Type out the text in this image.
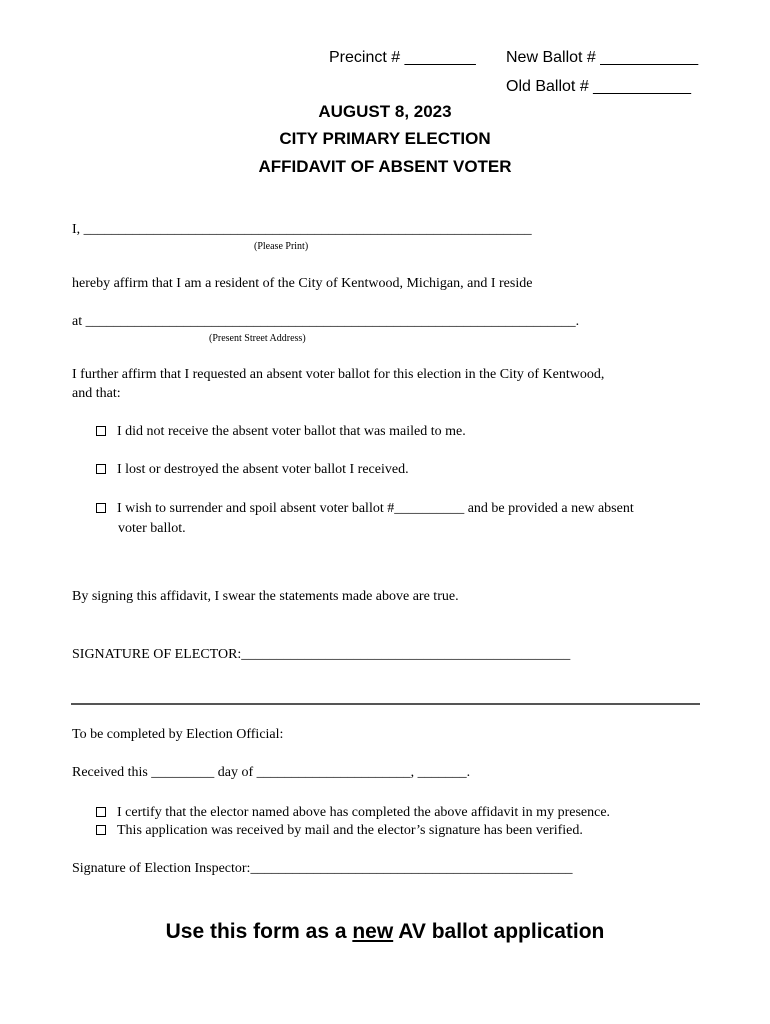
Precinct # ________ New Ballot # ___________
Old Ballot # ___________
AUGUST 8, 2023
CITY PRIMARY ELECTION
AFFIDAVIT OF ABSENT VOTER
I, ________________________________________________________________
(Please Print)
hereby affirm that I am a resident of the City of Kentwood, Michigan, and I reside
at ______________________________________________________________________.
(Present Street Address)
I further affirm that I requested an absent voter ballot for this election in the City of Kentwood,
and that:
I did not receive the absent voter ballot that was mailed to me.
I lost or destroyed the absent voter ballot I received.
I wish to surrender and spoil absent voter ballot #__________ and be provided a new absent
voter ballot.
By signing this affidavit, I swear the statements made above are true.
SIGNATURE OF ELECTOR:_______________________________________________
To be completed by Election Official:
Received this _________ day of ______________________, _______.
I certify that the elector named above has completed the above affidavit in my presence.
This application was received by mail and the elector’s signature has been verified.
Signature of Election Inspector:______________________________________________
Use this form as a new AV ballot application
